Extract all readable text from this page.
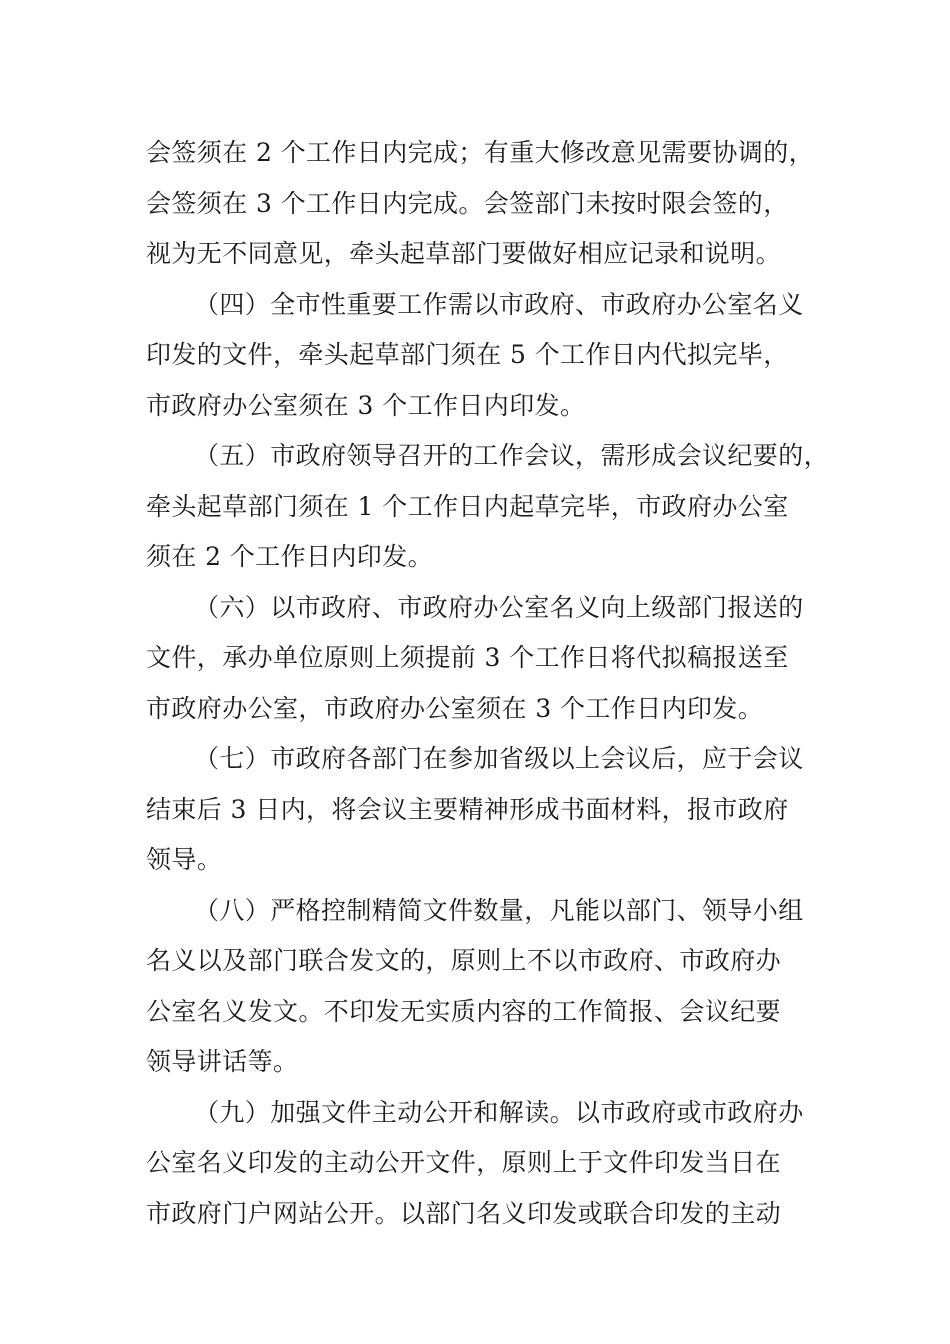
会签须在 2 个工作日内完成；有重大修改意见需要协调的，
会签须在 3 个工作日内完成。会签部门未按时限会签的，
视为无不同意见，牵头起草部门要做好相应记录和说明。
（四）全市性重要工作需以市政府、市政府办公室名义
印发的文件，牵头起草部门须在 5 个工作日内代拟完毕，
市政府办公室须在 3 个工作日内印发。
（五）市政府领导召开的工作会议，需形成会议纪要的，
牵头起草部门须在 1 个工作日内起草完毕，市政府办公室
须在 2 个工作日内印发。
（六）以市政府、市政府办公室名义向上级部门报送的
文件，承办单位原则上须提前 3 个工作日将代拟稿报送至
市政府办公室，市政府办公室须在 3 个工作日内印发。
（七）市政府各部门在参加省级以上会议后，应于会议
结束后 3 日内，将会议主要精神形成书面材料，报市政府
领导。
（八）严格控制精简文件数量，凡能以部门、领导小组
名义以及部门联合发文的，原则上不以市政府、市政府办
公室名义发文。不印发无实质内容的工作简报、会议纪要
领导讲话等。
（九）加强文件主动公开和解读。以市政府或市政府办
公室名义印发的主动公开文件，原则上于文件印发当日在
市政府门户网站公开。以部门名义印发或联合印发的主动
